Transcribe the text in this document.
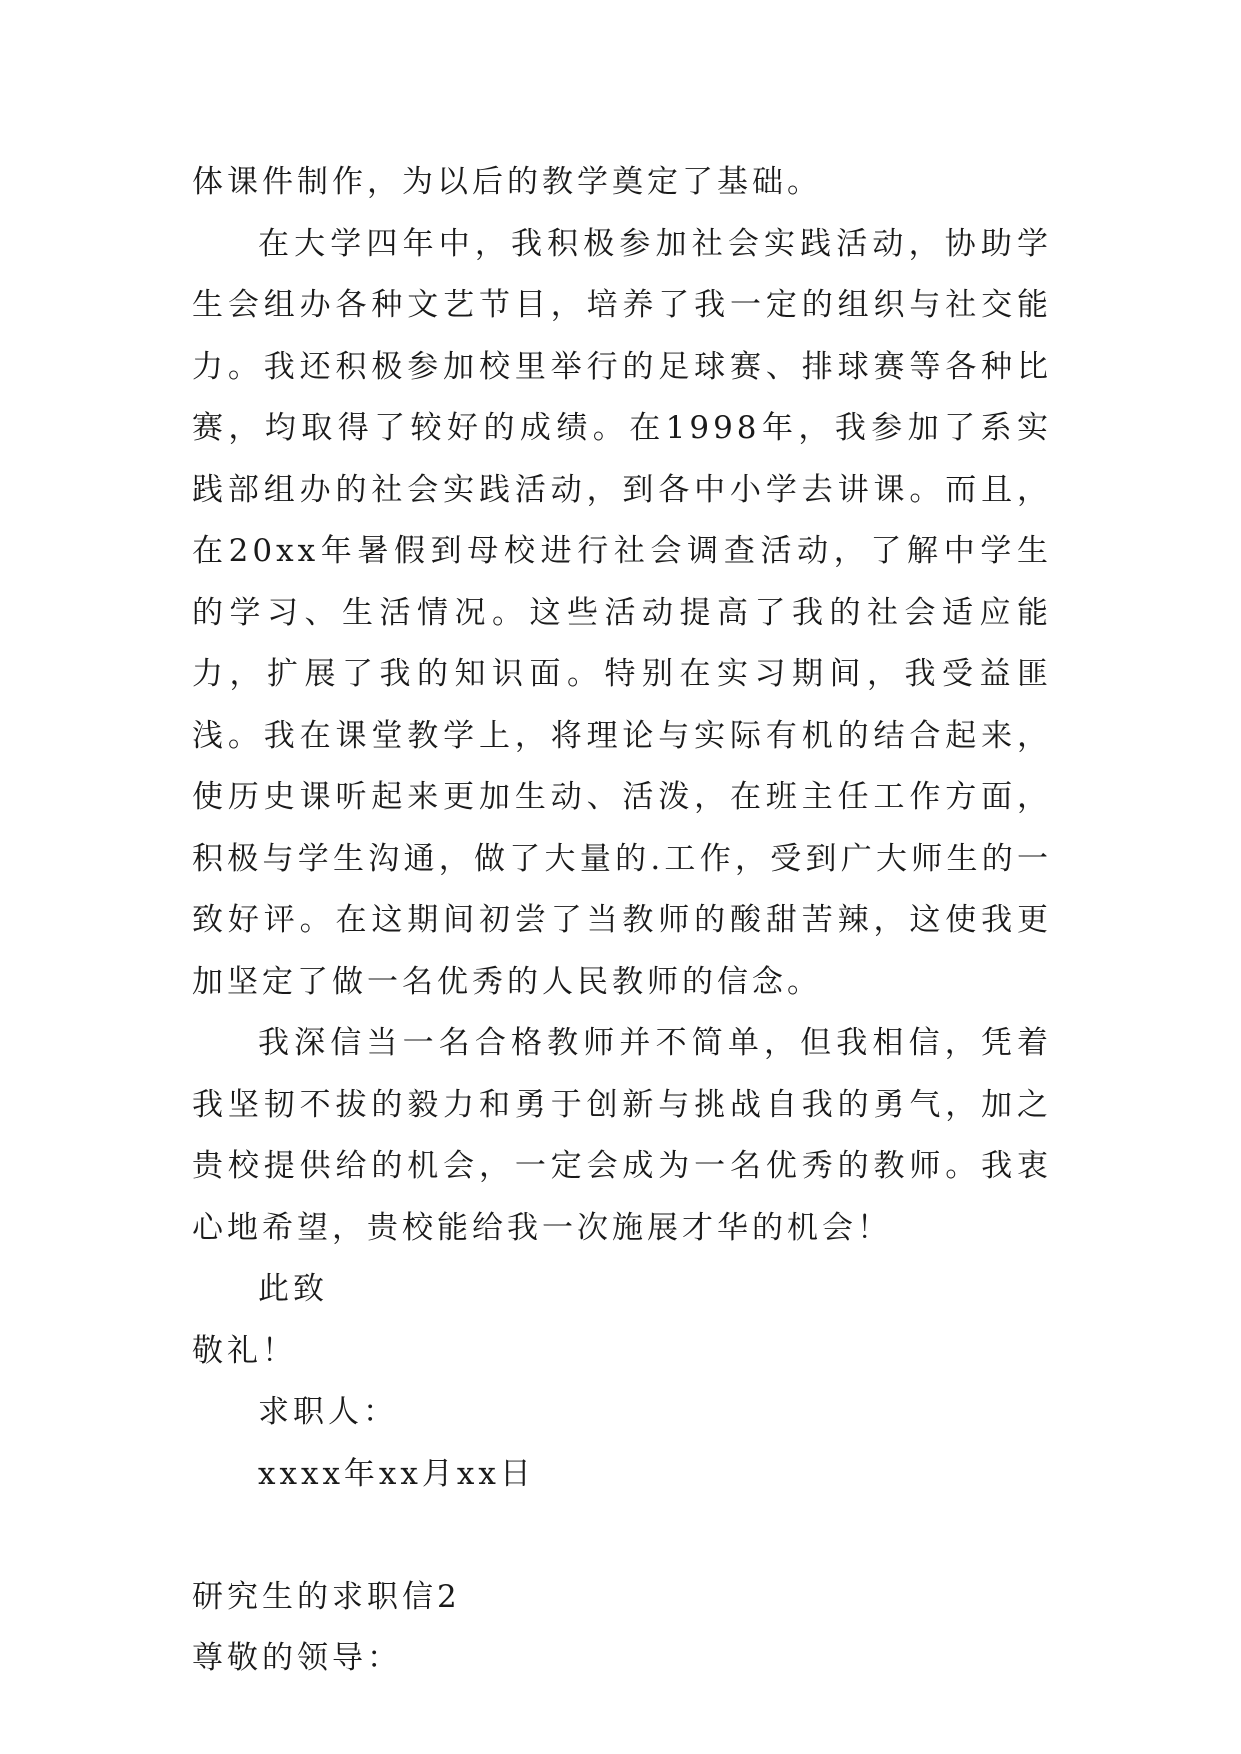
体课件制作，为以后的教学奠定了基础。

在大学四年中，我积极参加社会实践活动，协助学生会组办各种文艺节目，培养了我一定的组织与社交能力。我还积极参加校里举行的足球赛、排球赛等各种比赛，均取得了较好的成绩。在1998年，我参加了系实践部组办的社会实践活动，到各中小学去讲课。而且，在20xx年暑假到母校进行社会调查活动，了解中学生的学习、生活情况。这些活动提高了我的社会适应能力，扩展了我的知识面。特别在实习期间，我受益匪浅。我在课堂教学上，将理论与实际有机的结合起来，使历史课听起来更加生动、活泼，在班主任工作方面，积极与学生沟通，做了大量的.工作，受到广大师生的一致好评。在这期间初尝了当教师的酸甜苦辣，这使我更加坚定了做一名优秀的人民教师的信念。

我深信当一名合格教师并不简单，但我相信，凭着我坚韧不拔的毅力和勇于创新与挑战自我的勇气，加之贵校提供给的机会，一定会成为一名优秀的教师。我衷心地希望，贵校能给我一次施展才华的机会！

此致

敬礼！

求职人：

xxxx年xx月xx日

研究生的求职信2

尊敬的领导：
